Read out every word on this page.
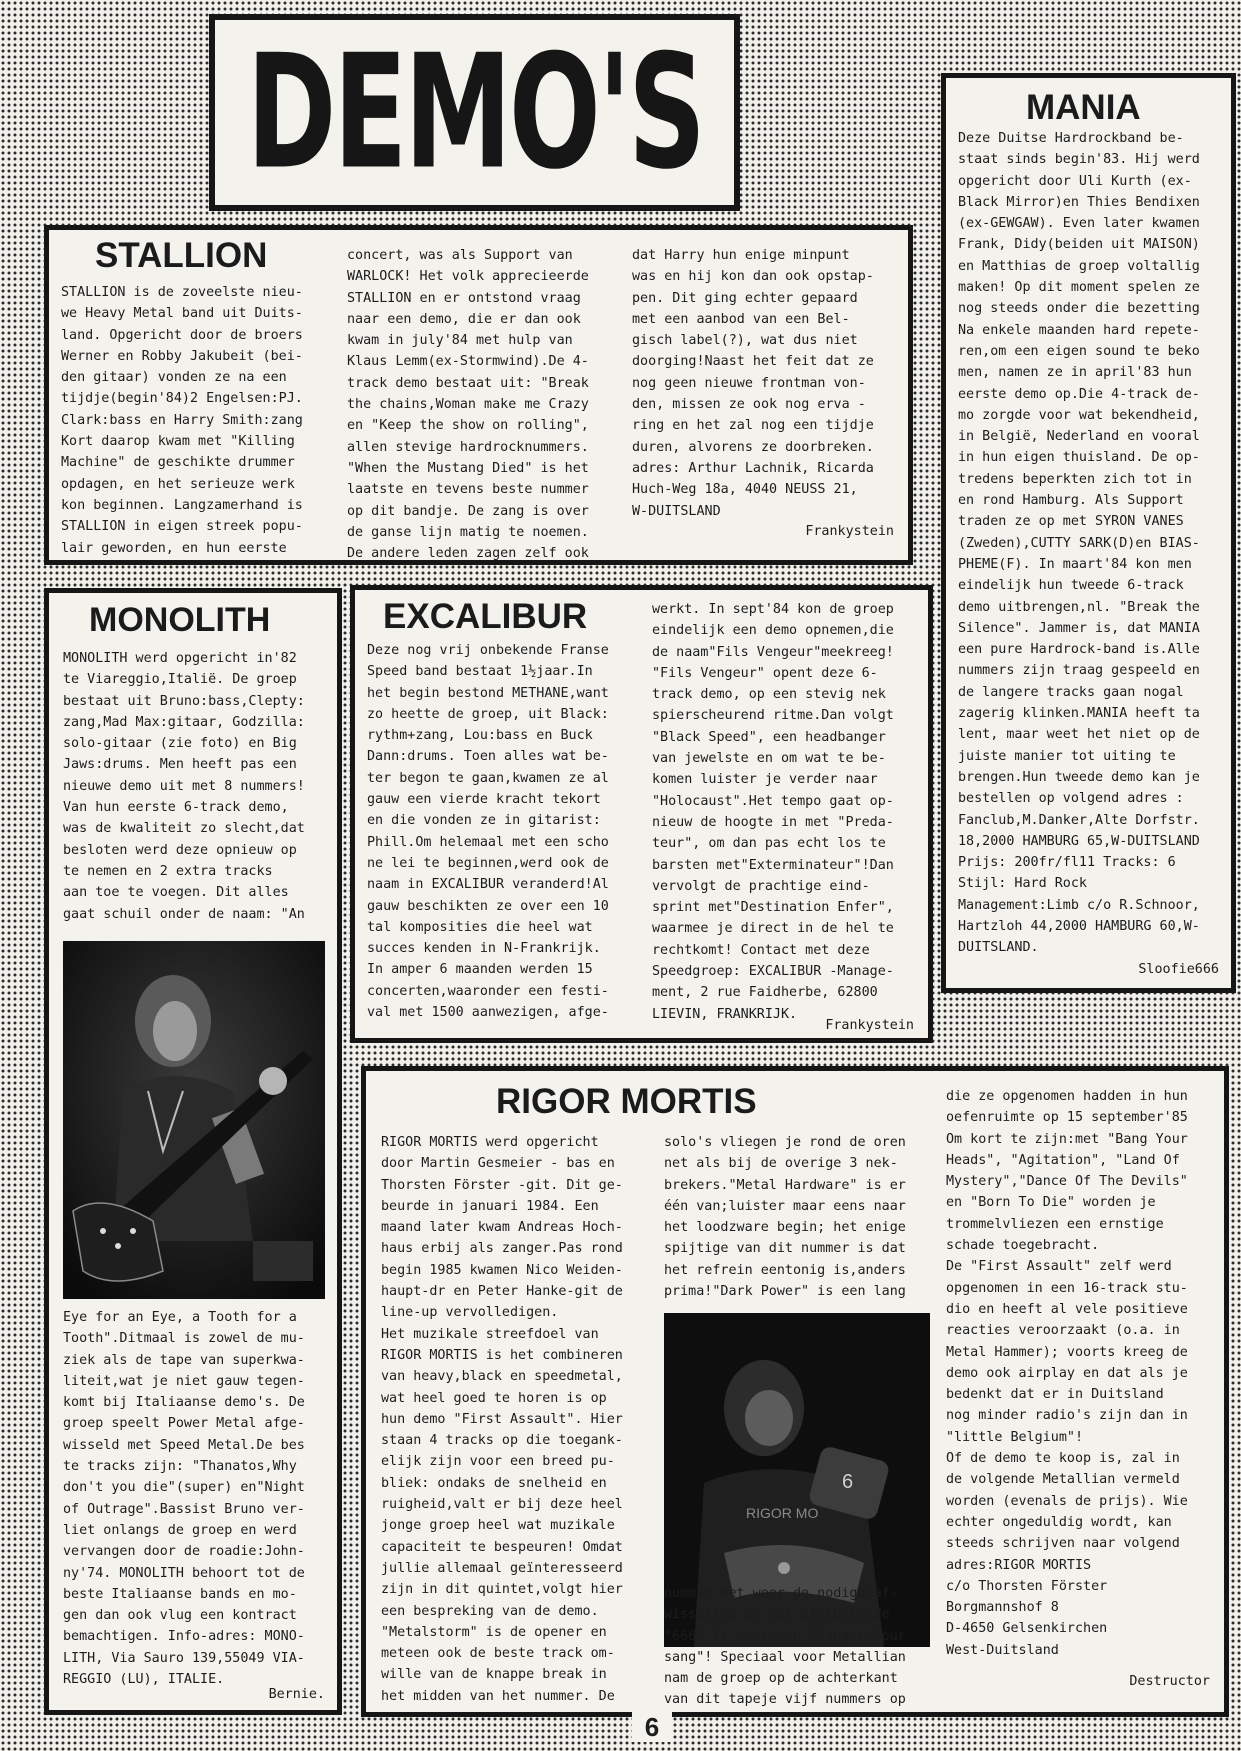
DEMO'S
STALLION

STALLION is de zoveelste nieu-
we Heavy Metal band uit Duits-
land. Opgericht door de broers
Werner en Robby Jakubeit (bei-
den gitaar) vonden ze na een
tijdje(begin'84)2 Engelsen:PJ.
Clark:bass en Harry Smith:zang
Kort daarop kwam met "Killing
Machine" de geschikte drummer
opdagen, en het serieuze werk
kon beginnen. Langzamerhand is
STALLION in eigen streek popu-
lair geworden, en hun eerste

concert, was als Support van
WARLOCK! Het volk apprecieerde
STALLION en er ontstond vraag
naar een demo, die er dan ook
kwam in july'84 met hulp van
Klaus Lemm(ex-Stormwind).De 4-
track demo bestaat uit: "Break
the chains,Woman make me Crazy
en "Keep the show on rolling",
allen stevige hardrocknummers.
"When the Mustang Died" is het
laatste en tevens beste nummer
op dit bandje. De zang is over
de ganse lijn matig te noemen.
De andere leden zagen zelf ook

dat Harry hun enige minpunt
was en hij kon dan ook opstap-
pen. Dit ging echter gepaard
met een aanbod van een Bel-
gisch label(?), wat dus niet
doorging!Naast het feit dat ze
nog geen nieuwe frontman von-
den, missen ze ook nog erva -
ring en het zal nog een tijdje
duren, alvorens ze doorbreken.
adres: Arthur Lachnik, Ricarda
Huch-Weg 18a, 4040 NEUSS 21,
W-DUITSLAND

Frankystein
MANIA

Deze Duitse Hardrockband be-
staat sinds begin'83. Hij werd
opgericht door Uli Kurth (ex-
Black Mirror)en Thies Bendixen
(ex-GEWGAW). Even later kwamen
Frank, Didy(beiden uit MAISON)
en Matthias de groep voltallig
maken! Op dit moment spelen ze
nog steeds onder die bezetting
Na enkele maanden hard repete-
ren,om een eigen sound te beko
men, namen ze in april'83 hun
eerste demo op.Die 4-track de-
mo zorgde voor wat bekendheid,
in België, Nederland en vooral
in hun eigen thuisland. De op-
tredens beperkten zich tot in
en rond Hamburg. Als Support
traden ze op met SYRON VANES
(Zweden),CUTTY SARK(D)en BIAS-
PHEME(F). In maart'84 kon men
eindelijk hun tweede 6-track
demo uitbrengen,nl. "Break the
Silence". Jammer is, dat MANIA
een pure Hardrock-band is.Alle
nummers zijn traag gespeeld en
de langere tracks gaan nogal
zagerig klinken.MANIA heeft ta
lent, maar weet het niet op de
juiste manier tot uiting te
brengen.Hun tweede demo kan je
bestellen op volgend adres :
Fanclub,M.Danker,Alte Dorfstr.
18,2000 HAMBURG 65,W-DUITSLAND
Prijs: 200fr/fl11 Tracks: 6
Stijl: Hard Rock
Management:Limb c/o R.Schnoor,
Hartzloh 44,2000 HAMBURG 60,W-
DUITSLAND.

Sloofie666
MONOLITH

MONOLITH werd opgericht in'82
te Viareggio,Italië. De groep
bestaat uit Bruno:bass,Clepty:
zang,Mad Max:gitaar, Godzilla:
solo-gitaar (zie foto) en Big
Jaws:drums. Men heeft pas een
nieuwe demo uit met 8 nummers!
Van hun eerste 6-track demo,
was de kwaliteit zo slecht,dat
besloten werd deze opnieuw op
te nemen en 2 extra tracks
aan toe te voegen. Dit alles
gaat schuil onder de naam: "An

Eye for an Eye, a Tooth for a
Tooth".Ditmaal is zowel de mu-
ziek als de tape van superkwa-
liteit,wat je niet gauw tegen-
komt bij Italiaanse demo's. De
groep speelt Power Metal afge-
wisseld met Speed Metal.De bes
te tracks zijn: "Thanatos,Why
don't you die"(super) en"Night
of Outrage".Bassist Bruno ver-
liet onlangs de groep en werd
vervangen door de roadie:John-
ny'74. MONOLITH behoort tot de
beste Italiaanse bands en mo-
gen dan ook vlug een kontract
bemachtigen. Info-adres: MONO-
LITH, Via Sauro 139,55049 VIA-
REGGIO (LU), ITALIE.

Bernie.
EXCALIBUR

Deze nog vrij onbekende Franse
Speed band bestaat 1½jaar.In
het begin bestond METHANE,want
zo heette de groep, uit Black:
rythm+zang, Lou:bass en Buck
Dann:drums. Toen alles wat be-
ter begon te gaan,kwamen ze al
gauw een vierde kracht tekort
en die vonden ze in gitarist:
Phill.Om helemaal met een scho
ne lei te beginnen,werd ook de
naam in EXCALIBUR veranderd!Al
gauw beschikten ze over een 10
tal komposities die heel wat
succes kenden in N-Frankrijk.
In amper 6 maanden werden 15
concerten,waaronder een festi-
val met 1500 aanwezigen, afge-

werkt. In sept'84 kon de groep
eindelijk een demo opnemen,die
de naam"Fils Vengeur"meekreeg!
"Fils Vengeur" opent deze 6-
track demo, op een stevig nek
spierscheurend ritme.Dan volgt
"Black Speed", een headbanger
van jewelste en om wat te be-
komen luister je verder naar
"Holocaust".Het tempo gaat op-
nieuw de hoogte in met "Preda-
teur", om dan pas echt los te
barsten met"Exterminateur"!Dan
vervolgt de prachtige eind-
sprint met"Destination Enfer",
waarmee je direct in de hel te
rechtkomt! Contact met deze
Speedgroep: EXCALIBUR -Manage-
ment, 2 rue Faidherbe, 62800
LIEVIN, FRANKRIJK.

Frankystein
RIGOR MORTIS

RIGOR MORTIS werd opgericht
door Martin Gesmeier - bas en
Thorsten Förster -git. Dit ge-
beurde in januari 1984. Een
maand later kwam Andreas Hoch-
haus erbij als zanger.Pas rond
begin 1985 kwamen Nico Weiden-
haupt-dr en Peter Hanke-git de
line-up vervolledigen.
Het muzikale streefdoel van
RIGOR MORTIS is het combineren
van heavy,black en speedmetal,
wat heel goed te horen is op
hun demo "First Assault". Hier
staan 4 tracks op die toegank-
elijk zijn voor een breed pu-
bliek: ondaks de snelheid en
ruigheid,valt er bij deze heel
jonge groep heel wat muzikale
capaciteit te bespeuren! Omdat
jullie allemaal geïnteresseerd
zijn in dit quintet,volgt hier
een bespreking van de demo.
"Metalstorm" is de opener en
meteen ook de beste track om-
wille van de knappe break in
het midden van het nummer. De

solo's vliegen je rond de oren
net als bij de overige 3 nek-
brekers."Metal Hardware" is er
één van;luister maar eens naar
het loodzware begin; het enige
spijtige van dit nummer is dat
het refrein eentonig is,anders
prima!"Dark Power" is een lang

RIGOR MO
6

nummer met weer de nodige af-
wisseling en het afsluitende
"666" is weer een 'banger "pur
sang"! Speciaal voor Metallian
nam de groep op de achterkant
van dit tapeje vijf nummers op

die ze opgenomen hadden in hun
oefenruimte op 15 september'85
Om kort te zijn:met "Bang Your
Heads", "Agitation", "Land Of
Mystery","Dance Of The Devils"
en "Born To Die" worden je
trommelvliezen een ernstige
schade toegebracht.
De "First Assault" zelf werd
opgenomen in een 16-track stu-
dio en heeft al vele positieve
reacties veroorzaakt (o.a. in
Metal Hammer); voorts kreeg de
demo ook airplay en dat als je
bedenkt dat er in Duitsland
nog minder radio's zijn dan in
"little Belgium"!
Of de demo te koop is, zal in
de volgende Metallian vermeld
worden (evenals de prijs). Wie
echter ongeduldig wordt, kan
steeds schrijven naar volgend
adres:RIGOR MORTIS
c/o Thorsten Förster
Borgmannshof 8
D-4650 Gelsenkirchen
West-Duitsland

Destructor
6
